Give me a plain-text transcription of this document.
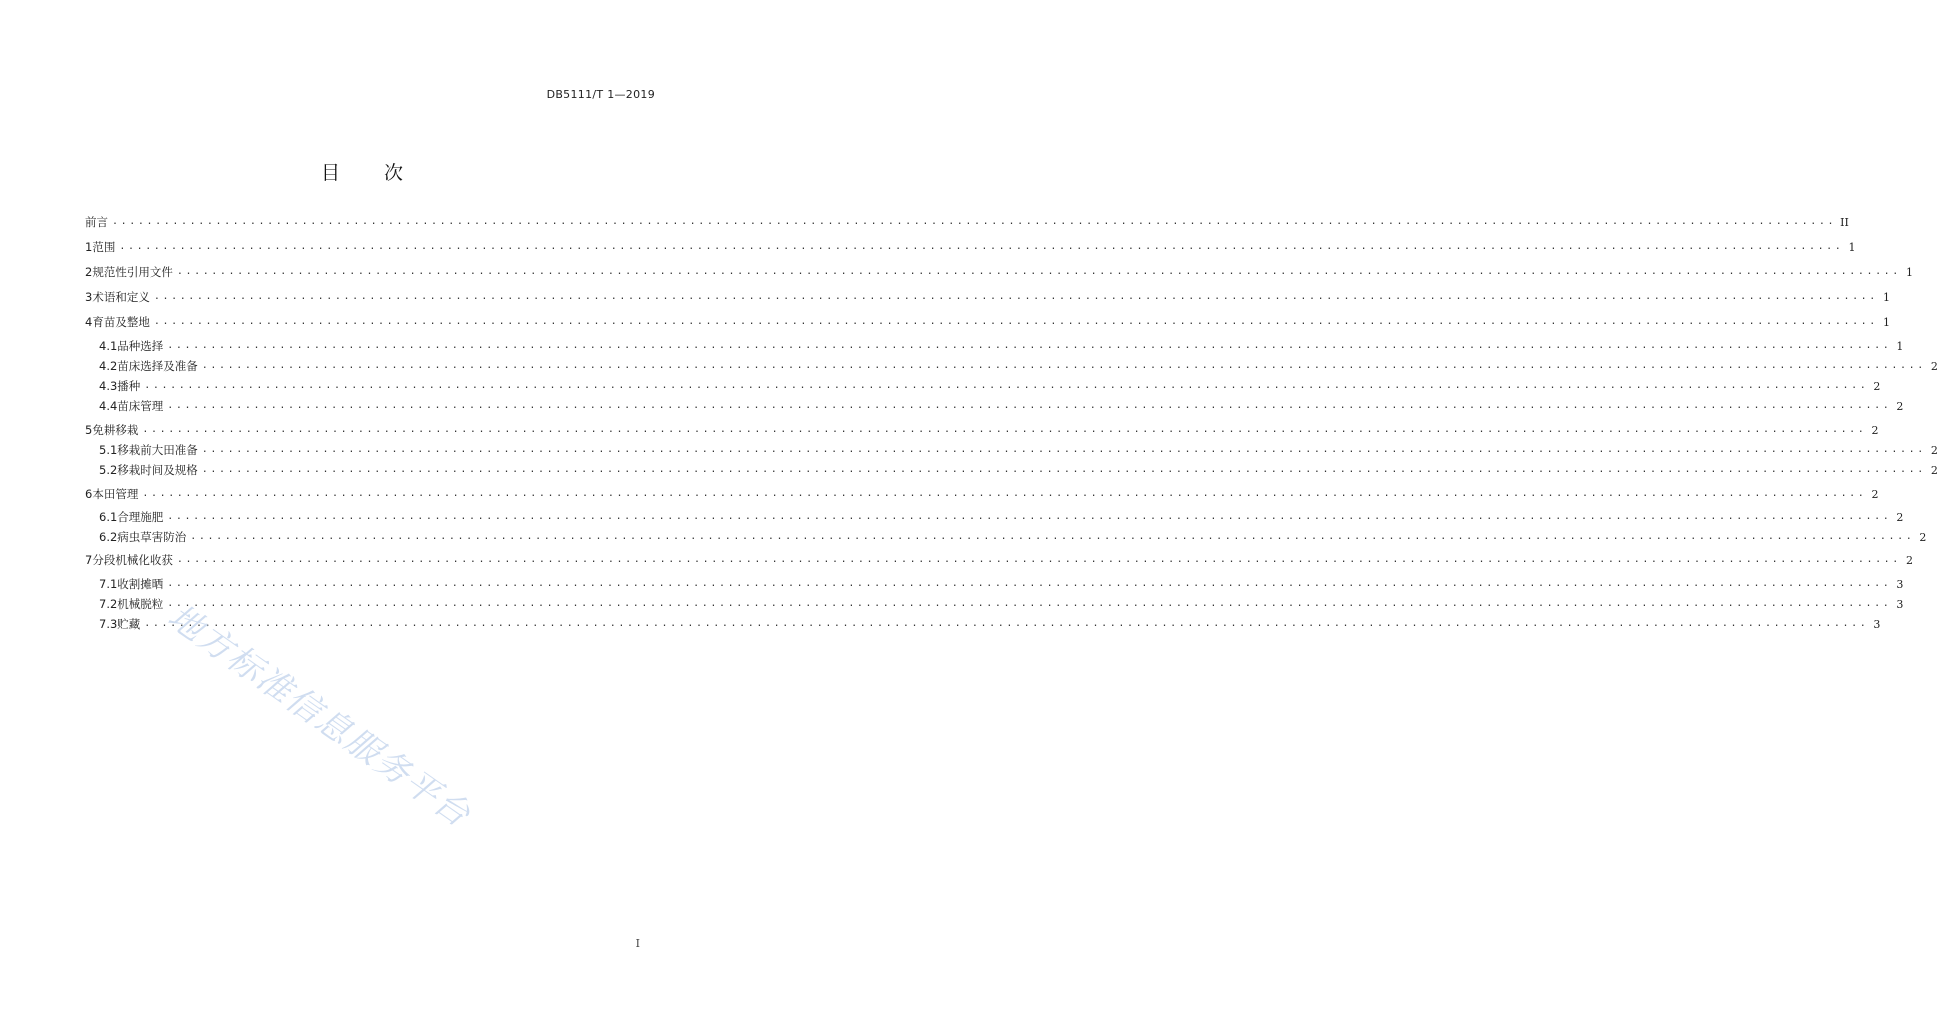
DB5111/T 1—2019
目 次
前言 ........................................................................................................................................................................................................ II
1 范围 ........................................................................................................................................................................................................ 1
2 规范性引用文件 ........................................................................................................................................................................................................ 1
3 术语和定义 ........................................................................................................................................................................................................ 1
4 育苗及整地 ........................................................................................................................................................................................................ 1
4.1 品种选择 ........................................................................................................................................................................................................ 1
4.2 苗床选择及准备 ........................................................................................................................................................................................................ 2
4.3 播种 ........................................................................................................................................................................................................ 2
4.4 苗床管理 ........................................................................................................................................................................................................ 2
5 免耕移栽 ........................................................................................................................................................................................................ 2
5.1 移栽前大田准备 ........................................................................................................................................................................................................ 2
5.2 移栽时间及规格 ........................................................................................................................................................................................................ 2
6 本田管理 ........................................................................................................................................................................................................ 2
6.1 合理施肥 ........................................................................................................................................................................................................ 2
6.2 病虫草害防治 ........................................................................................................................................................................................................ 2
7 分段机械化收获 ........................................................................................................................................................................................................ 2
7.1 收割摊晒 ........................................................................................................................................................................................................ 3
7.2 机械脱粒 ........................................................................................................................................................................................................ 3
7.3 贮藏 ........................................................................................................................................................................................................ 3
地方标准信息服务平台
I
